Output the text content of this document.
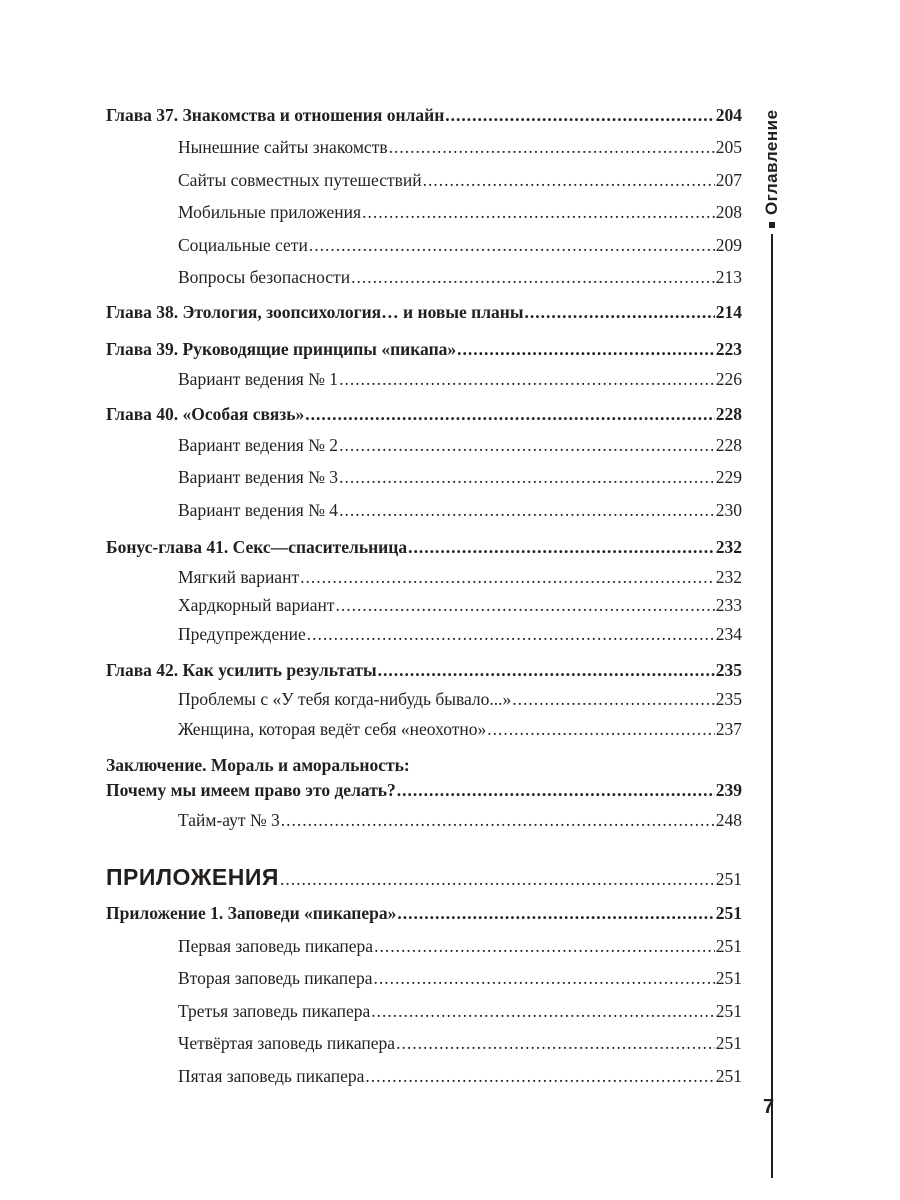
Глава 37. Знакомства и отношения онлайн .....	204
Нынешние сайты знакомств .....	205
Сайты совместных путешествий .....	207
Мобильные приложения .....	208
Социальные сети .....	209
Вопросы безопасности .....	213
Глава 38. Этология, зоопсихология… и новые планы .....	214
Глава 39. Руководящие принципы «пикапа» .....	223
Вариант ведения № 1 .....	226
Глава 40. «Особая связь» .....	228
Вариант ведения № 2 .....	228
Вариант ведения № 3 .....	229
Вариант ведения № 4 .....	230
Бонус-глава 41. Секс—спасительница .....	232
Мягкий вариант .....	232
Хардкорный вариант .....	233
Предупреждение .....	234
Глава 42. Как усилить результаты .....	235
Проблемы с «У тебя когда-нибудь бывало...» .....	235
Женщина, которая ведёт себя «неохотно» .....	237
Заключение. Мораль и аморальность:
Почему мы имеем право это делать? .....	239
Тайм-аут № 3 .....	248
ПРИЛОЖЕНИЯ .....	251
Приложение 1. Заповеди «пикапера» .....	251
Первая заповедь пикапера .....	251
Вторая заповедь пикапера .....	251
Третья заповедь пикапера .....	251
Четвёртая заповедь пикапера .....	251
Пятая заповедь пикапера .....	251
Оглавление
7
